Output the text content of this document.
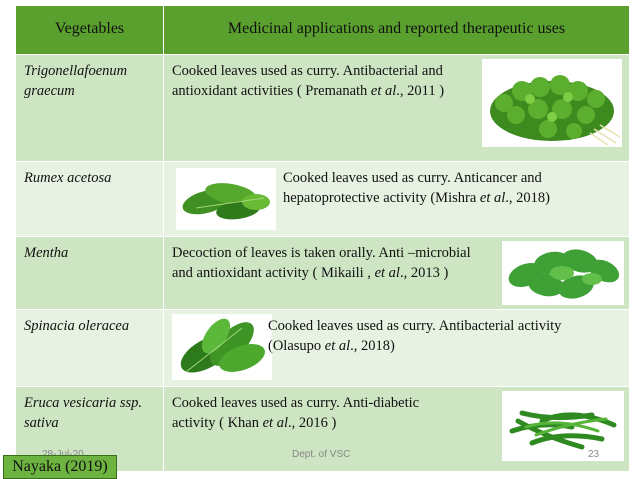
Vegetables	Medicinal applications and reported therapeutic uses
Trigonellafoenum graecum	Cooked leaves used as curry. Antibacterial and
antioxidant activities ( Premanath et al., 2011 )

Rumex acetosa	Cooked leaves used as curry. Anticancer and
hepatoprotective activity (Mishra et al., 2018)

Mentha	Decoction of leaves is taken orally. Anti –microbial
and antioxidant activity ( Mikaili , et al., 2013 )

Spinacia oleracea	Cooked leaves used as curry. Antibacterial activity
(Olasupo et al., 2018)

Eruca vesicaria ssp. sativa	Cooked leaves used as curry. Anti-diabetic
activity ( Khan et al., 2016 )
Dept. of VSC	23
Nayaka (2019)
